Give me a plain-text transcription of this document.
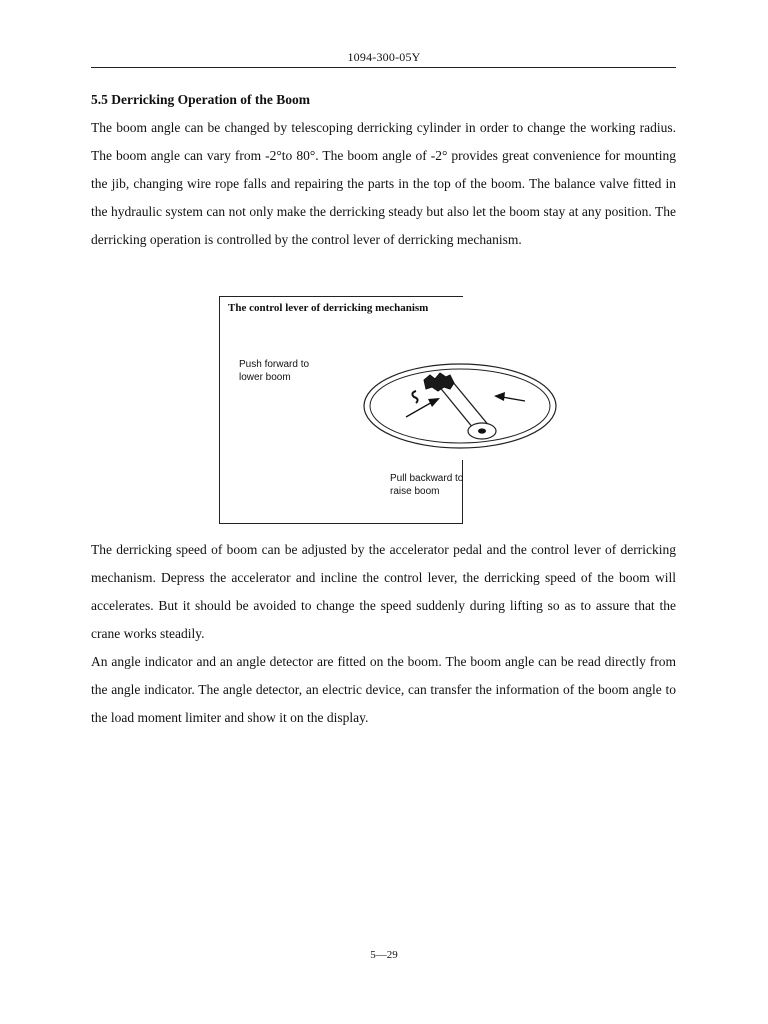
1094-300-05Y
5.5 Derricking Operation of the Boom
The boom angle can be changed by telescoping derricking cylinder in order to change the working radius. The boom angle can vary from -2°to 80°. The boom angle of -2° provides great convenience for mounting the jib, changing wire rope falls and repairing the parts in the top of the boom. The balance valve fitted in the hydraulic system can not only make the derricking steady but also let the boom stay at any position. The derricking operation is controlled by the control lever of derricking mechanism.
The control lever of derricking mechanism
Push forward to lower boom
Pull backward to raise boom
The derricking speed of boom can be adjusted by the accelerator pedal and the control lever of derricking mechanism. Depress the accelerator and incline the control lever, the derricking speed of the boom will accelerates. But it should be avoided to change the speed suddenly during lifting so as to assure that the crane works steadily.
An angle indicator and an angle detector are fitted on the boom. The boom angle can be read directly from the angle indicator. The angle detector, an electric device, can transfer the information of the boom angle to the load moment limiter and show it on the display.
5—29
